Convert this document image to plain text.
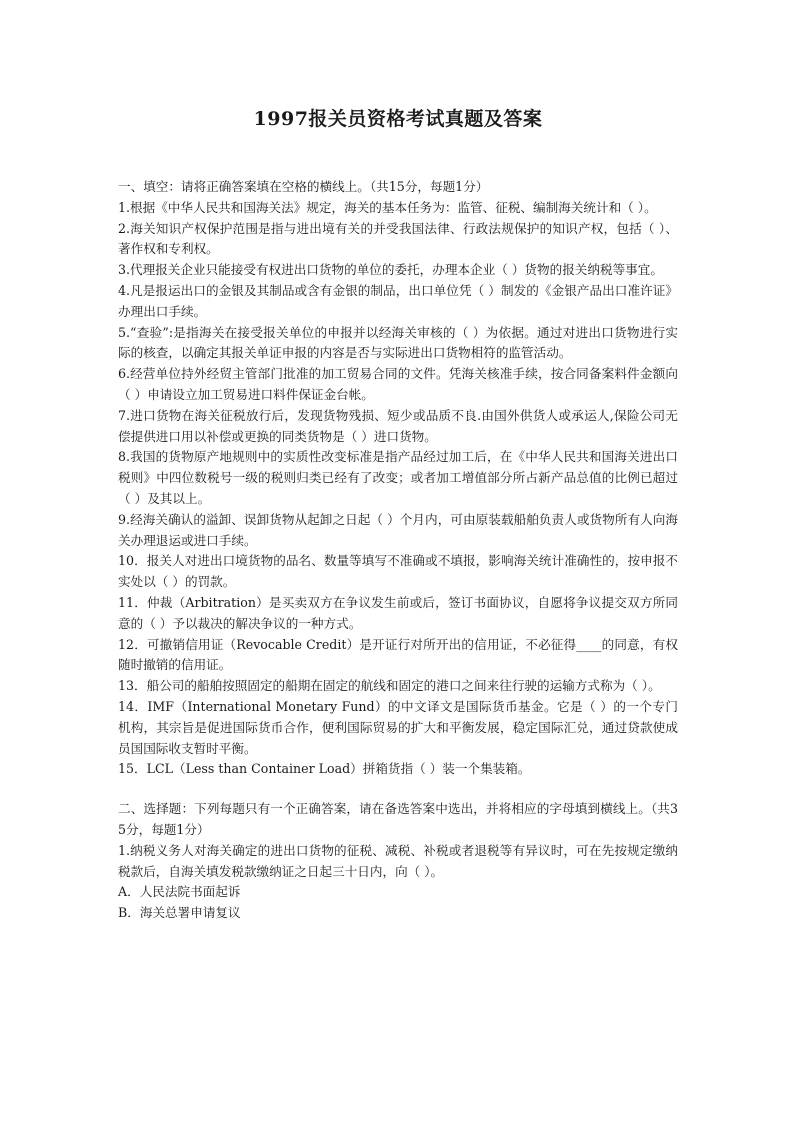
1997报关员资格考试真题及答案

一、填空：请将正确答案填在空格的横线上。（共15分，每题1分）

1.根据《中华人民共和国海关法》规定，海关的基本任务为：监管、征税、编制海关统计和（ ）。

2.海关知识产权保护范围是指与进出境有关的并受我国法律、行政法规保护的知识产权，包括（ ）、著作权和专利权。

3.代理报关企业只能接受有权进出口货物的单位的委托，办理本企业（ ）货物的报关纳税等事宜。

4.凡是报运出口的金银及其制品或含有金银的制品，出口单位凭（ ）制发的《金银产品出口准许证》办理出口手续。

5.“查验”:是指海关在接受报关单位的申报并以经海关审核的（ ）为依据。通过对进出口货物进行实际的核查，以确定其报关单证申报的内容是否与实际进出口货物相符的监管活动。

6.经营单位持外经贸主管部门批准的加工贸易合同的文件。凭海关核准手续，按合同备案料件金额向（ ）申请设立加工贸易进口料件保证金台帐。

7.进口货物在海关征税放行后，发现货物残损、短少或品质不良.由国外供货人或承运人,保险公司无偿提供进口用以补偿或更换的同类货物是（ ）进口货物。

8.我国的货物原产地规则中的实质性改变标准是指产品经过加工后，在《中华人民共和国海关进出口税则》中四位数税号一级的税则归类已经有了改变；或者加工增值部分所占新产品总值的比例已超过（ ）及其以上。

9.经海关确认的溢卸、误卸货物从起卸之日起（ ）个月内，可由原装载船舶负责人或货物所有人向海关办理退运或进口手续。

10．报关人对进出口境货物的品名、数量等填写不准确或不填报，影响海关统计准确性的，按申报不实处以（ ）的罚款。

11．仲裁（Arbitration）是买卖双方在争议发生前或后，签订书面协议，自愿将争议提交双方所同意的（ ）予以裁决的解决争议的一种方式。

12．可撤销信用证（Revocable Credit）是开证行对所开出的信用证，不必征得____的同意，有权随时撤销的信用证。

13．船公司的船舶按照固定的船期在固定的航线和固定的港口之间来往行驶的运输方式称为（ ）。

14．IMF（International Monetary Fund）的中文译文是国际货币基金。它是（ ）的一个专门机构，其宗旨是促进国际货币合作，便利国际贸易的扩大和平衡发展，稳定国际汇兑，通过贷款使成员国国际收支暂时平衡。

15．LCL（Less than Container Load）拼箱货指（ ）装一个集装箱。

二、选择题：下列每题只有一个正确答案，请在备选答案中选出，并将相应的字母填到横线上。（共35分，每题1分）

1.纳税义务人对海关确定的进出口货物的征税、减税、补税或者退税等有异议时，可在先按规定缴纳税款后，自海关填发税款缴纳证之日起三十日内，向（ ）。

A．人民法院书面起诉

B．海关总署申请复议
